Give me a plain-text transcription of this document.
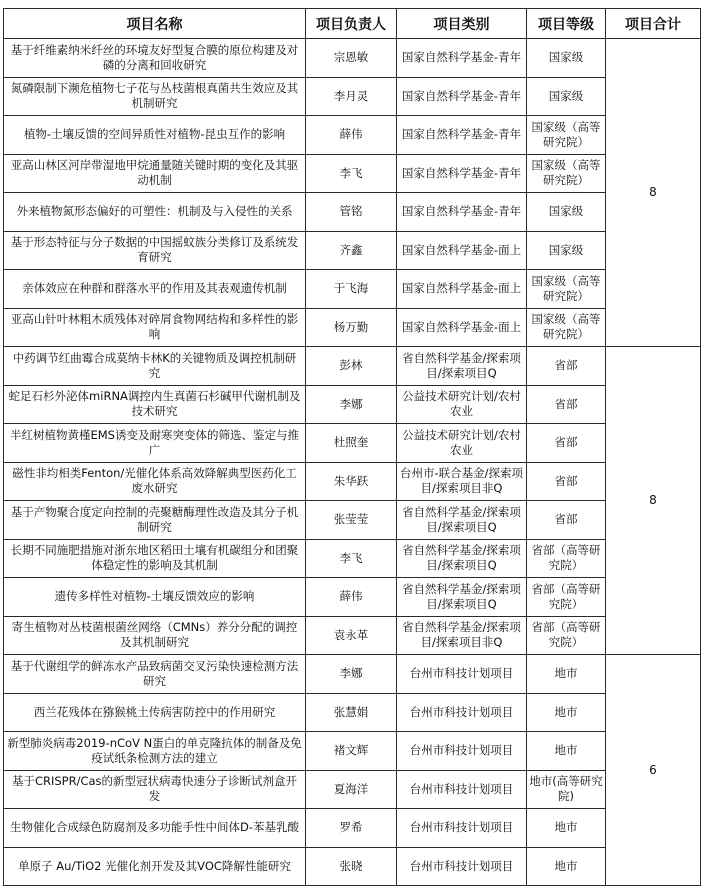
项目名称	项目负责人	项目类别	项目等级	项目合计
基于纤维素纳米纤丝的环境友好型复合膜的原位构建及对磷的分离和回收研究	宗恩敏	国家自然科学基金-青年	国家级	8
氮磷限制下濒危植物七子花与丛枝菌根真菌共生效应及其机制研究	李月灵	国家自然科学基金-青年	国家级	
植物-土壤反馈的空间异质性对植物-昆虫互作的影响	薛伟	国家自然科学基金-青年	国家级（高等研究院）	
亚高山林区河岸带湿地甲烷通量随关键时期的变化及其驱动机制	李飞	国家自然科学基金-青年	国家级（高等研究院）	
外来植物氮形态偏好的可塑性：机制及与入侵性的关系	管铭	国家自然科学基金-青年	国家级	
基于形态特征与分子数据的中国摇蚊族分类修订及系统发育研究	齐鑫	国家自然科学基金-面上	国家级	
亲体效应在种群和群落水平的作用及其表观遗传机制	于飞海	国家自然科学基金-面上	国家级（高等研究院）	
亚高山针叶林粗木质残体对碎屑食物网结构和多样性的影响	杨万勤	国家自然科学基金-面上	国家级（高等研究院）	
中药调节红曲霉合成莫纳卡林K的关键物质及调控机制研究	彭林	省自然科学基金/探索项目/探索项目Q	省部	8
蛇足石杉外泌体miRNA调控内生真菌石杉碱甲代谢机制及技术研究	李娜	公益技术研究计划/农村农业	省部	
半红树植物黄槿EMS诱变及耐寒突变体的筛选、鉴定与推广	杜照奎	公益技术研究计划/农村农业	省部	
磁性非均相类Fenton/光催化体系高效降解典型医药化工废水研究	朱华跃	台州市-联合基金/探索项目/探索项目非Q	省部	
基于产物聚合度定向控制的壳聚糖酶理性改造及其分子机制研究	张莹莹	省自然科学基金/探索项目/探索项目Q	省部	
长期不同施肥措施对浙东地区稻田土壤有机碳组分和团聚体稳定性的影响及其机制	李飞	省自然科学基金/探索项目/探索项目Q	省部（高等研究院）	
遗传多样性对植物-土壤反馈效应的影响	薛伟	省自然科学基金/探索项目/探索项目Q	省部（高等研究院）	
寄生植物对丛枝菌根菌丝网络（CMNs）养分分配的调控及其机制研究	袁永革	省自然科学基金/探索项目/探索项目非Q	省部（高等研究院）	
基于代谢组学的鲜冻水产品致病菌交叉污染快速检测方法研究	李娜	台州市科技计划项目	地市	6
西兰花残体在猕猴桃土传病害防控中的作用研究	张慧娟	台州市科技计划项目	地市	
新型肺炎病毒2019-nCoV N蛋白的单克隆抗体的制备及免疫试纸条检测方法的建立	褚文辉	台州市科技计划项目	地市	
基于CRISPR/Cas的新型冠状病毒快速分子诊断试剂盒开发	夏海洋	台州市科技计划项目	地市(高等研究院)	
生物催化合成绿色防腐剂及多功能手性中间体D-苯基乳酸	罗希	台州市科技计划项目	地市	
单原子 Au/TiO2 光催化剂开发及其VOC降解性能研究	张晓	台州市科技计划项目	地市	
